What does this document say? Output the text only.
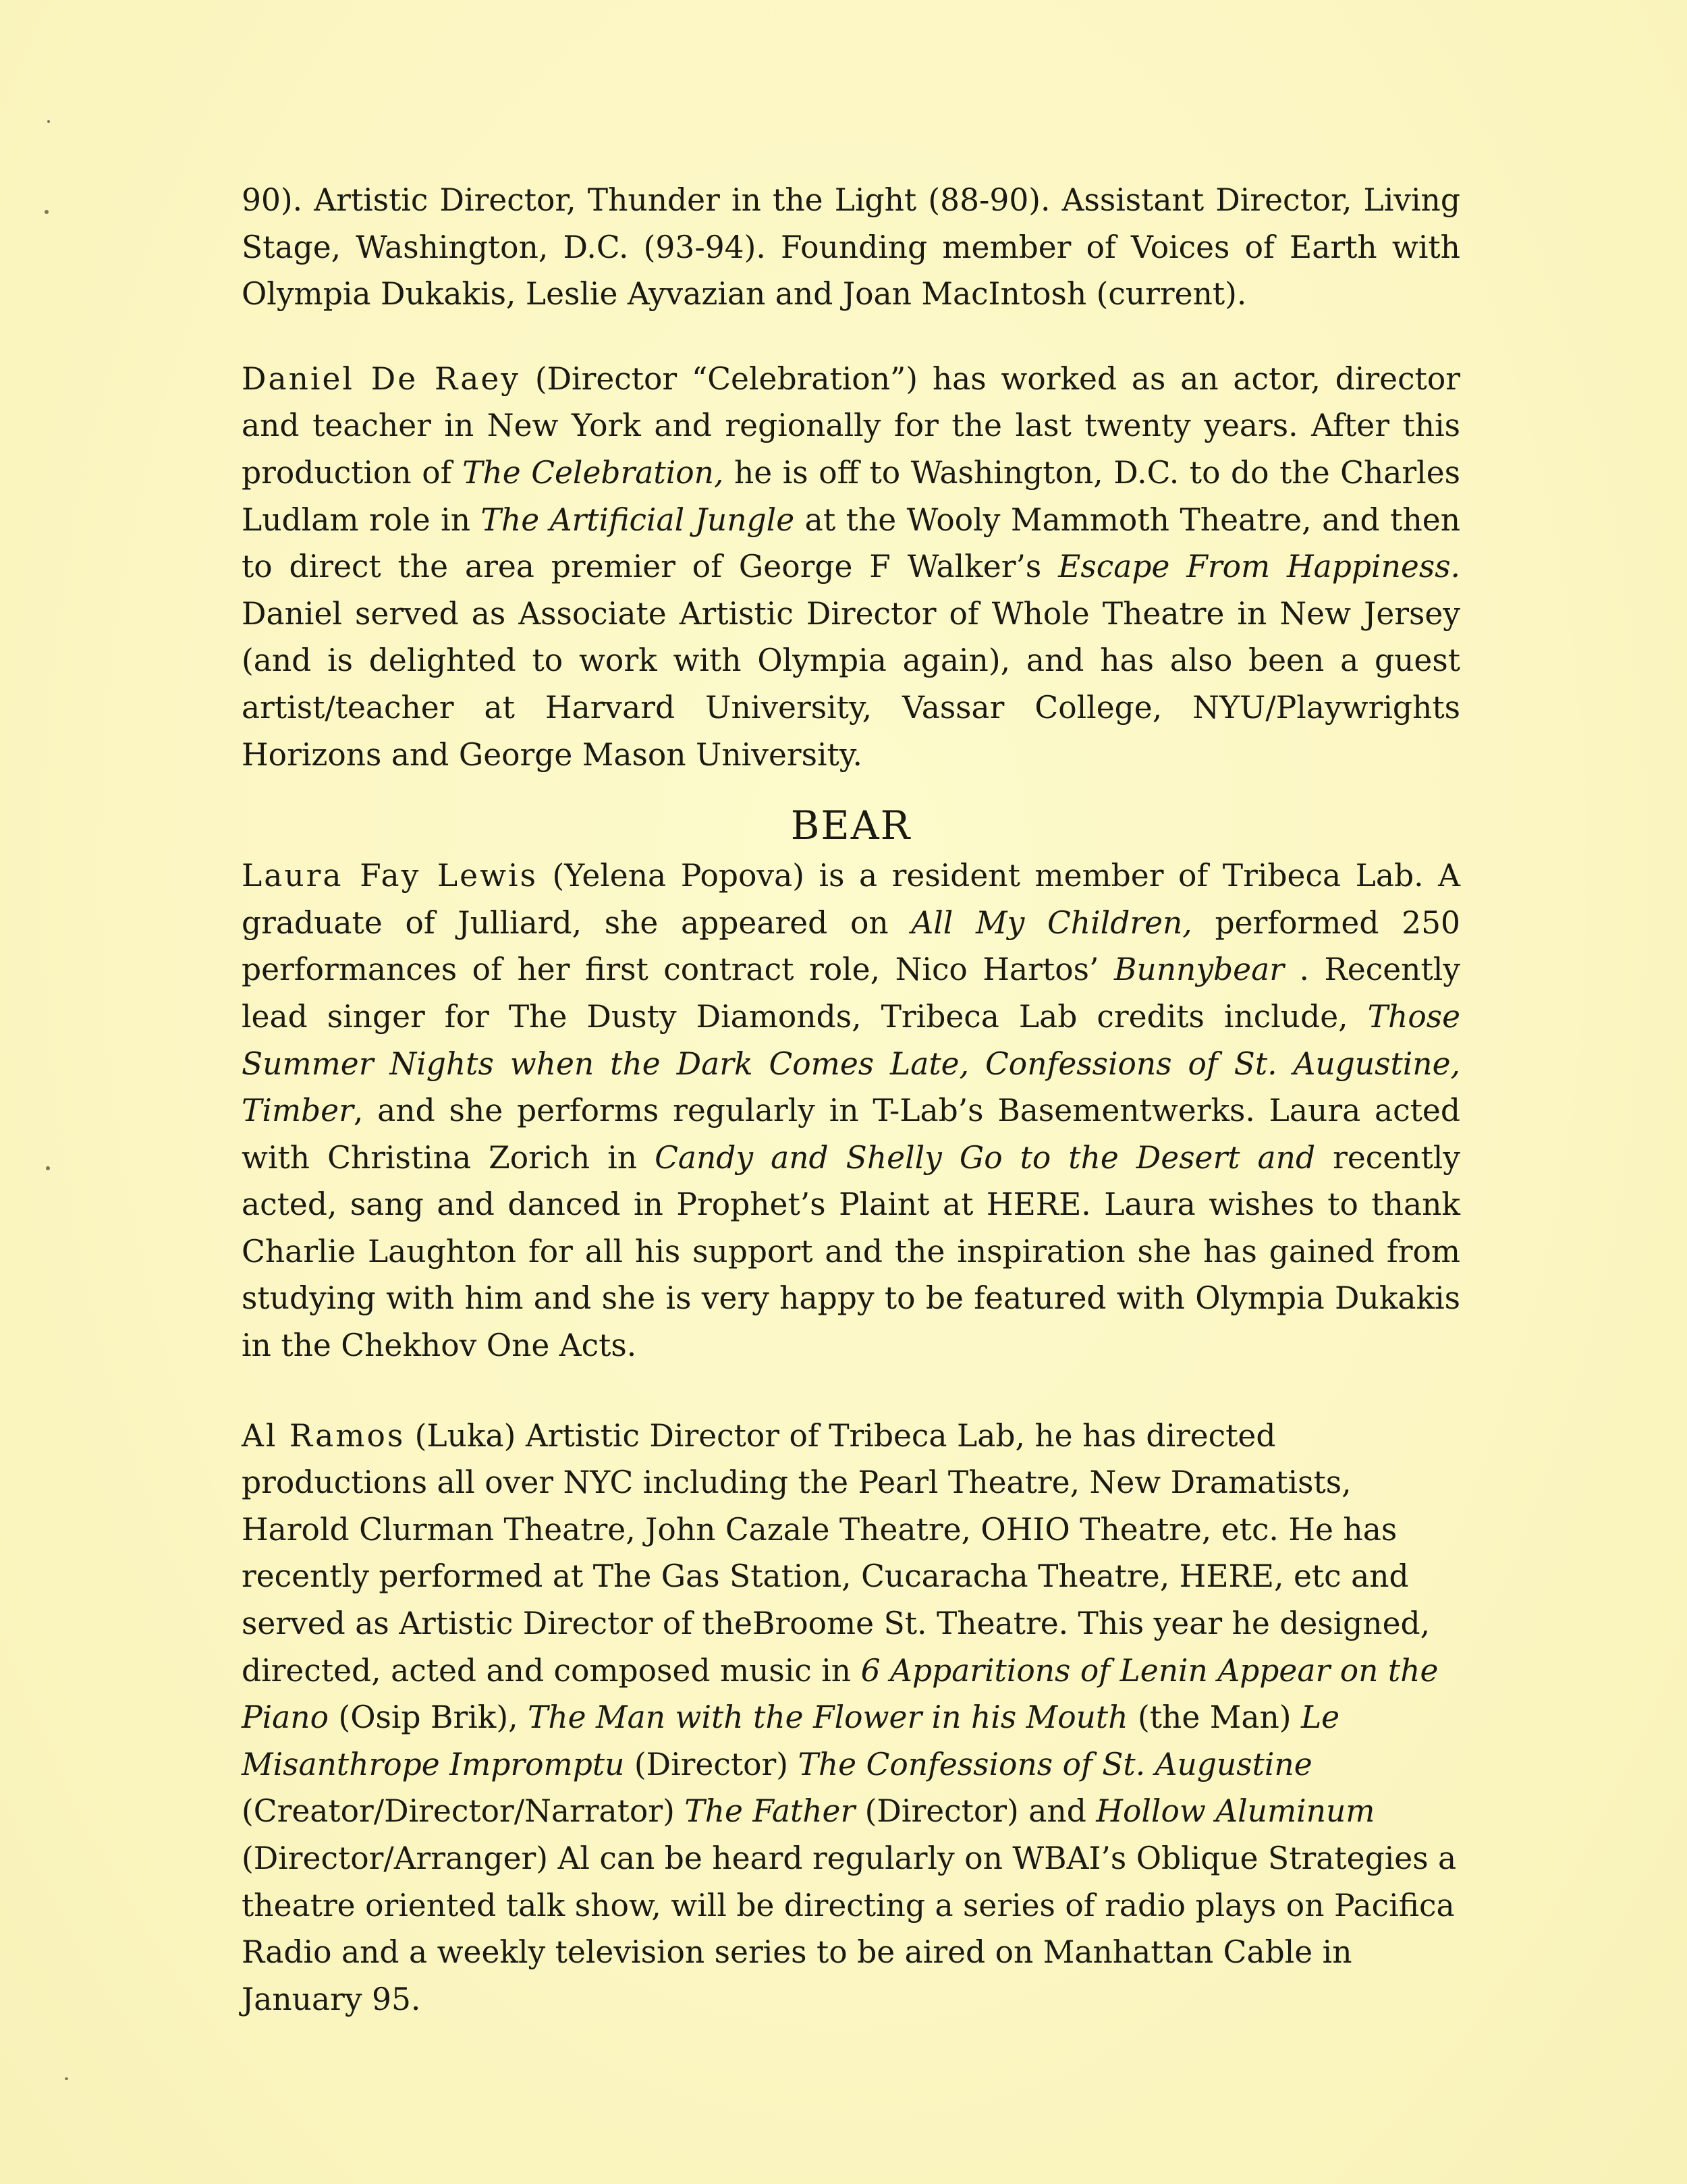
90). Artistic Director, Thunder in the Light (88-90). Assistant Director, Living Stage, Washington, D.C. (93-94). Founding member of Voices of Earth with Olympia Dukakis, Leslie Ayvazian and Joan MacIntosh (current).

Daniel De Raey (Director “Celebration”) has worked as an actor, director and teacher in New York and regionally for the last twenty years. After this production of The Celebration, he is off to Washington, D.C. to do the Charles Ludlam role in The Artificial Jungle at the Wooly Mammoth Theatre, and then to direct the area premier of George F Walker’s Escape From Happiness. Daniel served as Associate Artistic Director of Whole Theatre in New Jersey (and is delighted to work with Olympia again), and has also been a guest artist/teacher at Harvard University, Vassar College, NYU/Playwrights Horizons and George Mason University.

BEAR

Laura Fay Lewis (Yelena Popova) is a resident member of Tribeca Lab. A graduate of Julliard, she appeared on All My Children, performed 250 performances of her first contract role, Nico Hartos’ Bunnybear . Recently lead singer for The Dusty Diamonds, Tribeca Lab credits include, Those Summer Nights when the Dark Comes Late, Confessions of St. Augustine, Timber, and she performs regularly in T-Lab’s Basementwerks. Laura acted with Christina Zorich in Candy and Shelly Go to the Desert and recently acted, sang and danced in Prophet’s Plaint at HERE. Laura wishes to thank Charlie Laughton for all his support and the inspiration she has gained from studying with him and she is very happy to be featured with Olympia Dukakis in the Chekhov One Acts.

Al Ramos (Luka) Artistic Director of Tribeca Lab, he has directed productions all over NYC including the Pearl Theatre, New Dramatists, Harold Clurman Theatre, John Cazale Theatre, OHIO Theatre, etc. He has recently performed at The Gas Station, Cucaracha Theatre, HERE, etc and served as Artistic Director of theBroome St. Theatre. This year he designed, directed, acted and composed music in 6 Apparitions of Lenin Appear on the Piano (Osip Brik), The Man with the Flower in his Mouth (the Man) Le Misanthrope Impromptu (Director) The Confessions of St. Augustine (Creator/Director/Narrator) The Father (Director) and Hollow Aluminum (Director/Arranger) Al can be heard regularly on WBAI’s Oblique Strategies a theatre oriented talk show, will be directing a series of radio plays on Pacifica Radio and a weekly television series to be aired on Manhattan Cable in January 95.
